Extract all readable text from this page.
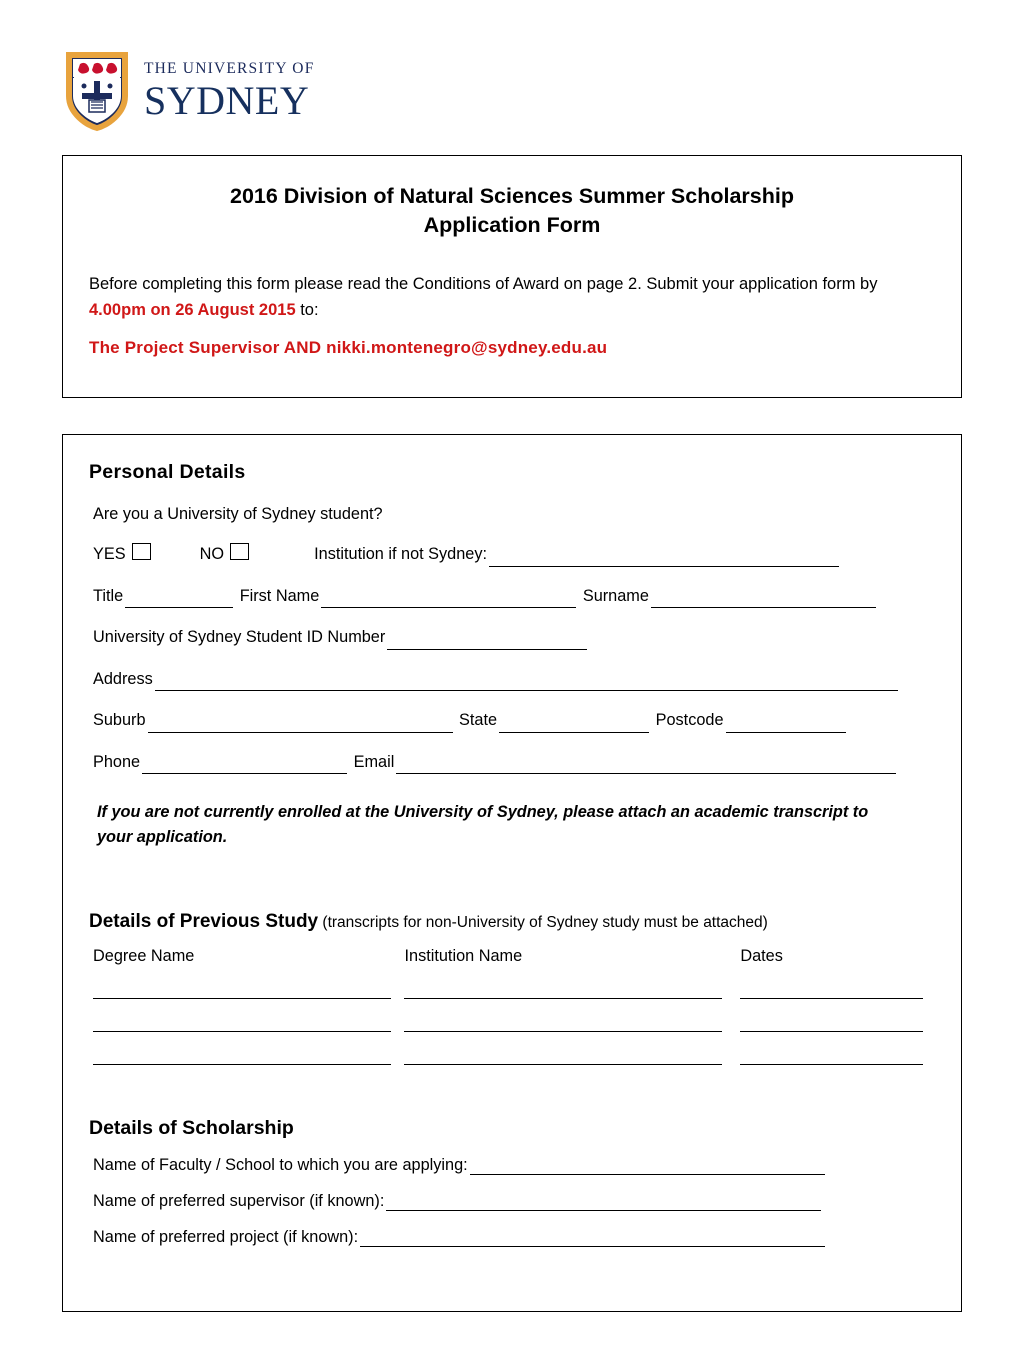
THE UNIVERSITY OF
SYDNEY
2016 Division of Natural Sciences Summer Scholarship
Application Form
Before completing this form please read the Conditions of Award on page 2. Submit your application form by 4.00pm on 26 August 2015 to:
The Project Supervisor AND nikki.montenegro@sydney.edu.au
Personal Details
Are you a University of Sydney student?
YES	NO	Institution if not Sydney:
Title	First Name	Surname
University of Sydney Student ID Number
Address
Suburb	State	Postcode
Phone	Email
If you are not currently enrolled at the University of Sydney, please attach an academic transcript to your application.
Details of Previous Study (transcripts for non-University of Sydney study must be attached)
Degree Name	Institution Name	Dates
Details of Scholarship
Name of Faculty / School to which you are applying:
Name of preferred supervisor (if known):
Name of preferred project (if known):
